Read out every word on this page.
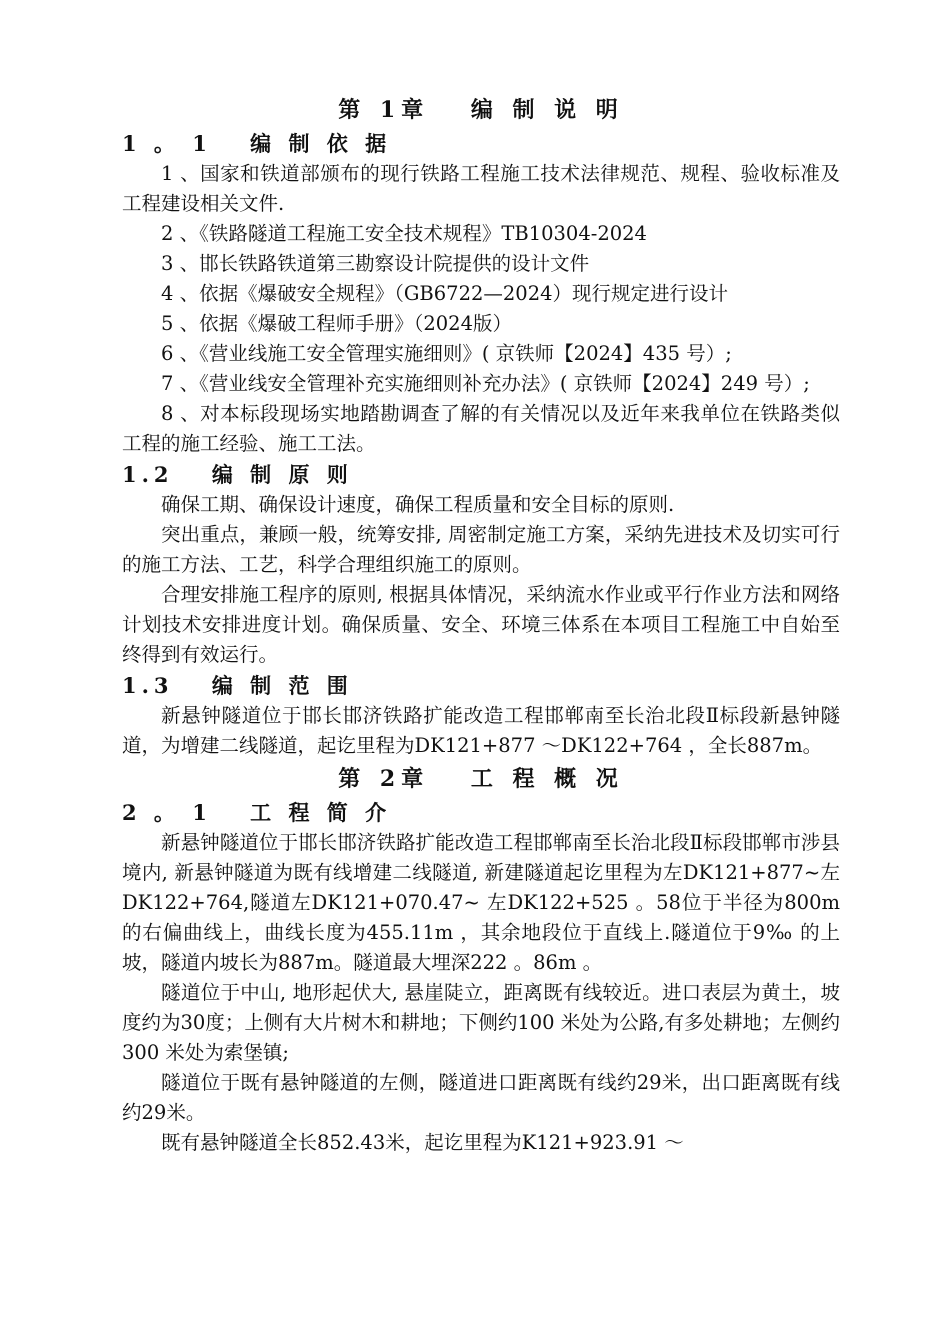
第 1章　 编 制 说 明
1 。 1　 编 制 依 据

1 、国家和铁道部颁布的现行铁路工程施工技术法律规范、规程、验收标准及工程建设相关文件.

2 、《铁路隧道工程施工安全技术规程》TB10304-2024

3 、邯长铁路铁道第三勘察设计院提供的设计文件

4 、依据《爆破安全规程》（GB6722—2024）现行规定进行设计

5 、依据《爆破工程师手册》（2024版）

6 、《营业线施工安全管理实施细则》( 京铁师【2024】435 号）;

7 、《营业线安全管理补充实施细则补充办法》( 京铁师【2024】249 号）;

8 、对本标段现场实地踏勘调查了解的有关情况以及近年来我单位在铁路类似工程的施工经验、施工工法。

1.2　 编 制 原 则

确保工期、确保设计速度，确保工程质量和安全目标的原则.

突出重点，兼顾一般，统筹安排, 周密制定施工方案，采纳先进技术及切实可行的施工方法、工艺，科学合理组织施工的原则。

合理安排施工程序的原则, 根据具体情况，采纳流水作业或平行作业方法和网络计划技术安排进度计划。确保质量、安全、环境三体系在本项目工程施工中自始至终得到有效运行。

1.3　 编 制 范 围

新悬钟隧道位于邯长邯济铁路扩能改造工程邯郸南至长治北段Ⅱ标段新悬钟隧道，为增建二线隧道，起讫里程为DK121+877 ～DK122+764 ，全长887m。

第 2章　 工 程 概 况
2 。 1　 工 程 简 介

新悬钟隧道位于邯长邯济铁路扩能改造工程邯郸南至长治北段Ⅱ标段邯郸市涉县境内, 新悬钟隧道为既有线增建二线隧道, 新建隧道起讫里程为左DK121+877~左DK122+764,隧道左DK121+070.47~ 左DK122+525 。58位于半径为800m的右偏曲线上，曲线长度为455.11m ，其余地段位于直线上.隧道位于9‰ 的上坡，隧道内坡长为887m。隧道最大埋深222 。86m 。

隧道位于中山, 地形起伏大, 悬崖陡立，距离既有线较近。进口表层为黄土，坡度约为30度；上侧有大片树木和耕地；下侧约100 米处为公路,有多处耕地；左侧约300 米处为索堡镇;

隧道位于既有悬钟隧道的左侧，隧道进口距离既有线约29米，出口距离既有线约29米。

既有悬钟隧道全长852.43米，起讫里程为K121+923.91 ～
